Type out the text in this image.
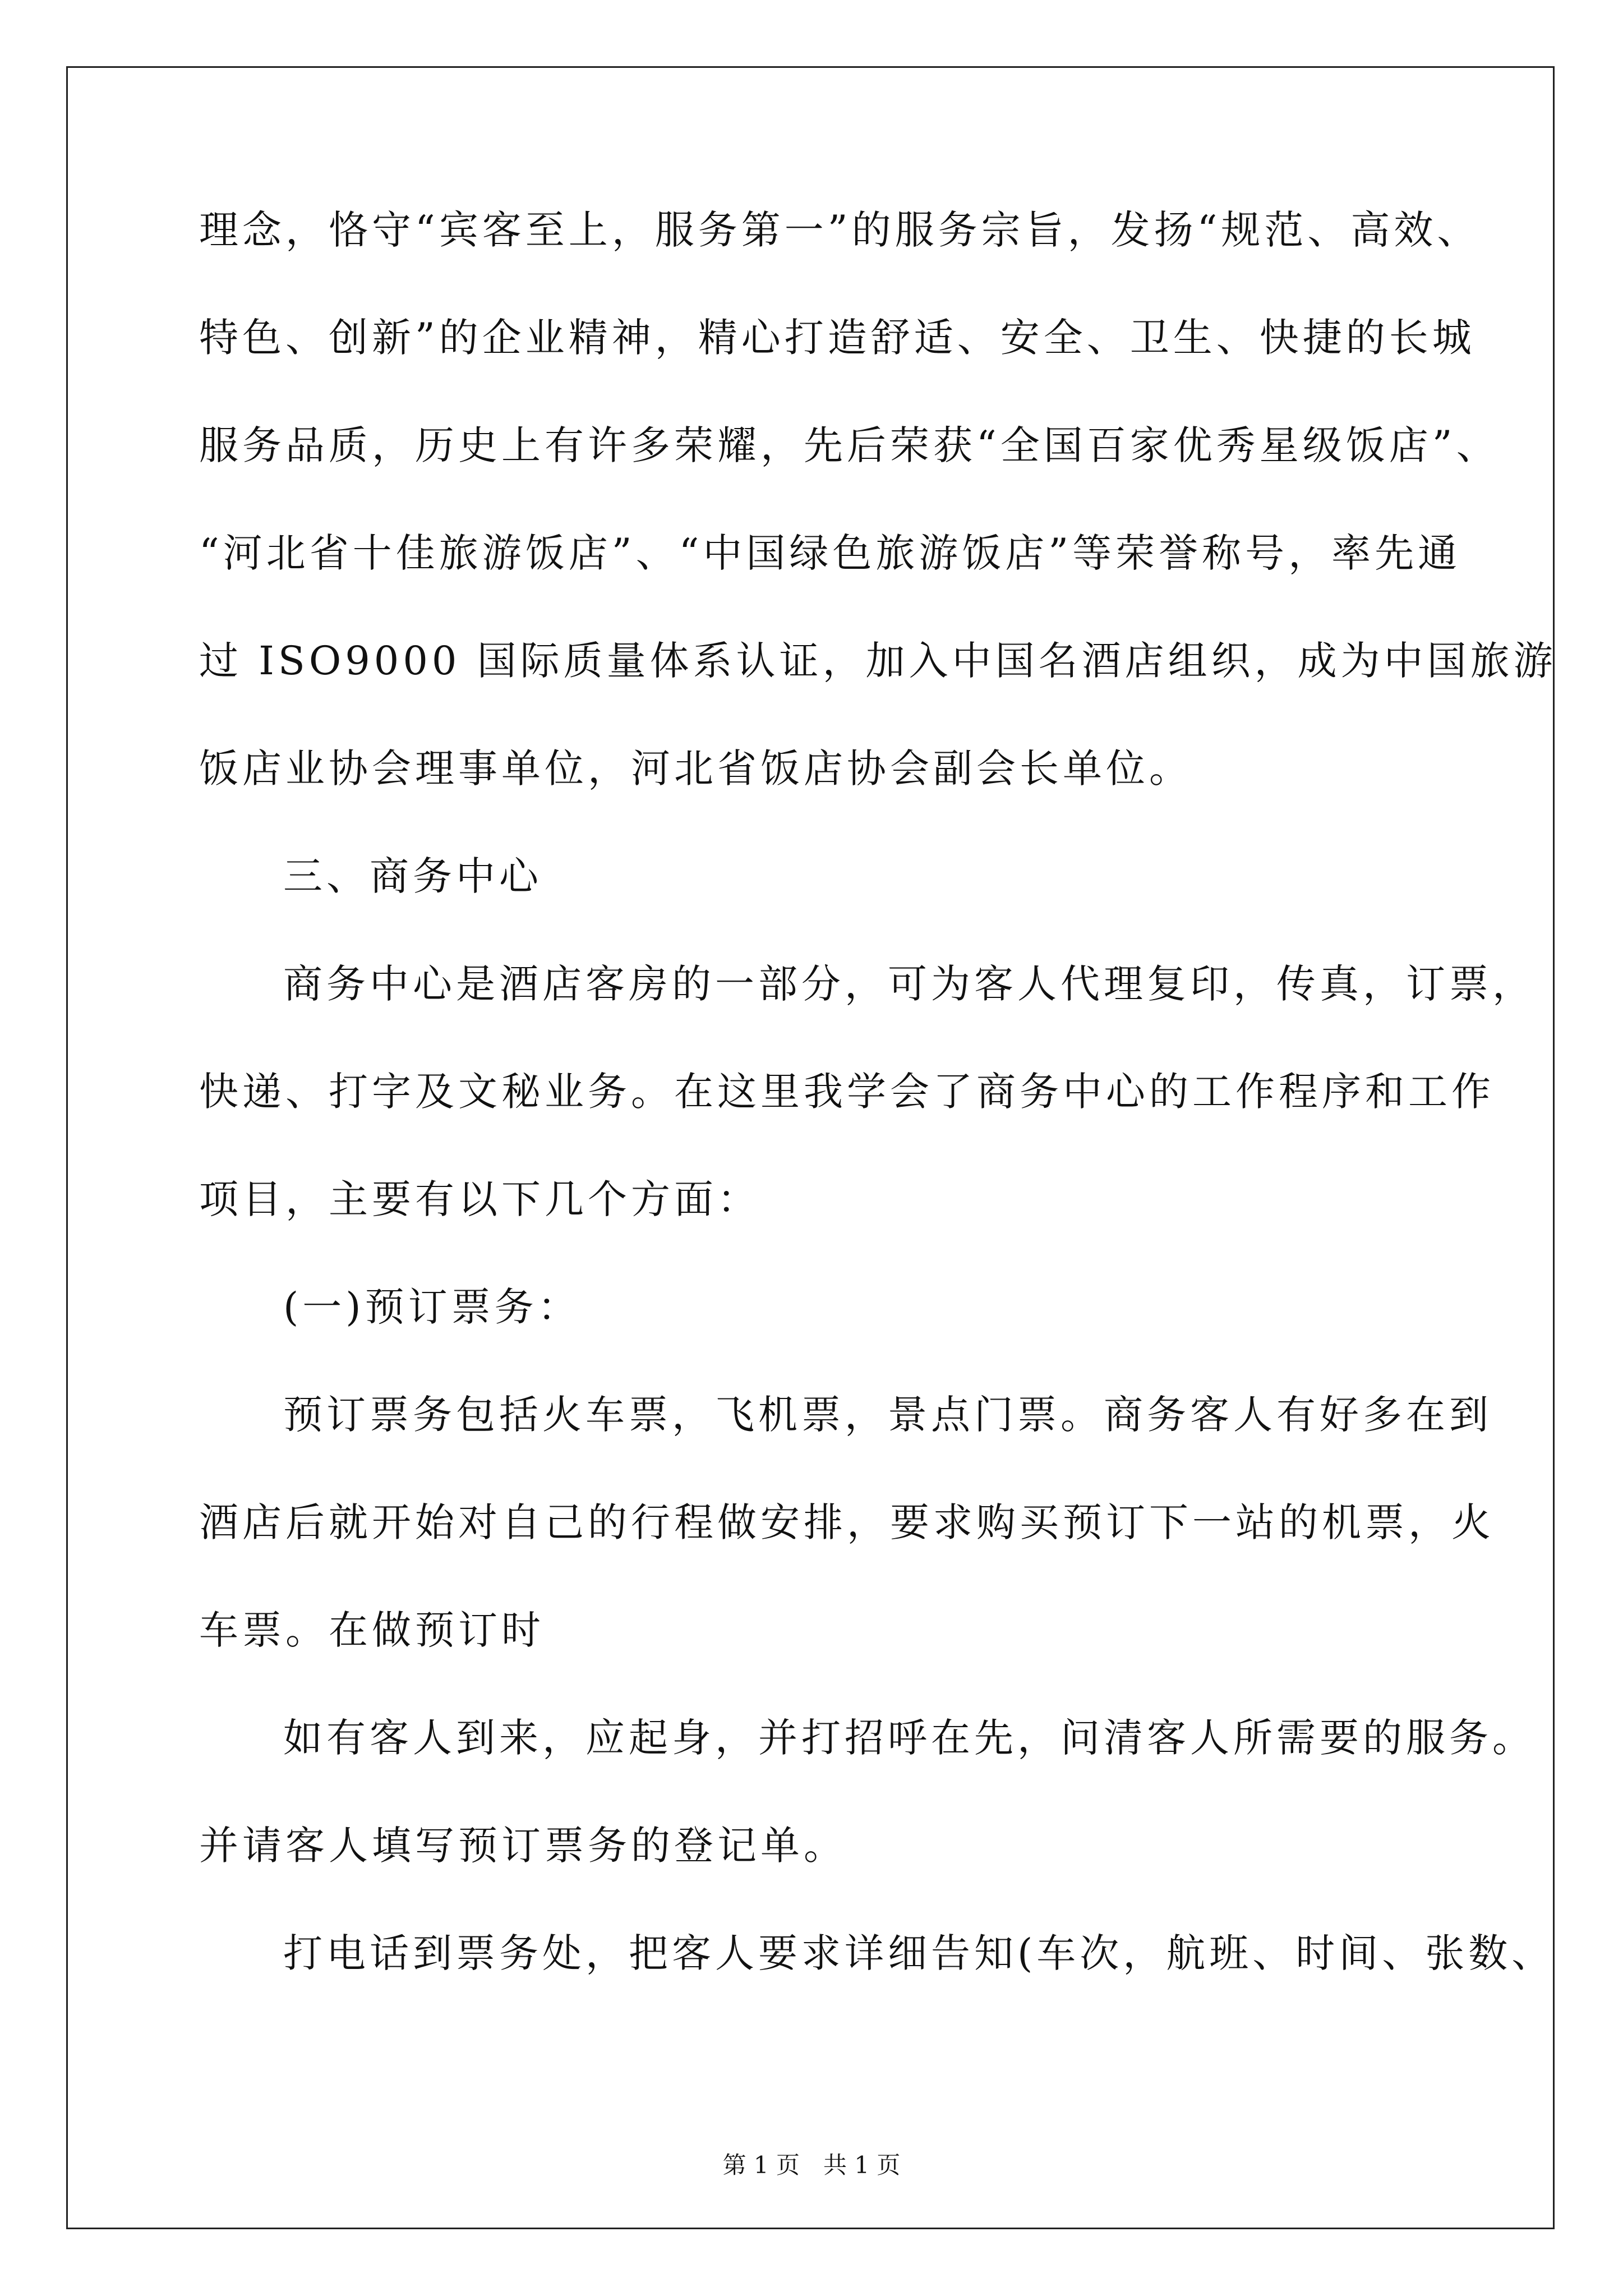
理念，恪守“宾客至上，服务第一”的服务宗旨，发扬“规范、高效、
特色、创新”的企业精神，精心打造舒适、安全、卫生、快捷的长城
服务品质，历史上有许多荣耀，先后荣获“全国百家优秀星级饭店”、
“河北省十佳旅游饭店”、“中国绿色旅游饭店”等荣誉称号，率先通
过 ISO9000 国际质量体系认证，加入中国名酒店组织，成为中国旅游
饭店业协会理事单位，河北省饭店协会副会长单位。
三、商务中心
商务中心是酒店客房的一部分，可为客人代理复印，传真，订票，
快递、打字及文秘业务。在这里我学会了商务中心的工作程序和工作
项目，主要有以下几个方面：
(一)预订票务：
预订票务包括火车票，飞机票，景点门票。商务客人有好多在到
酒店后就开始对自己的行程做安排，要求购买预订下一站的机票，火
车票。在做预订时
如有客人到来，应起身，并打招呼在先，问清客人所需要的服务。
并请客人填写预订票务的登记单。
打电话到票务处，把客人要求详细告知(车次，航班、时间、张数、
第 1 页　共 1 页
